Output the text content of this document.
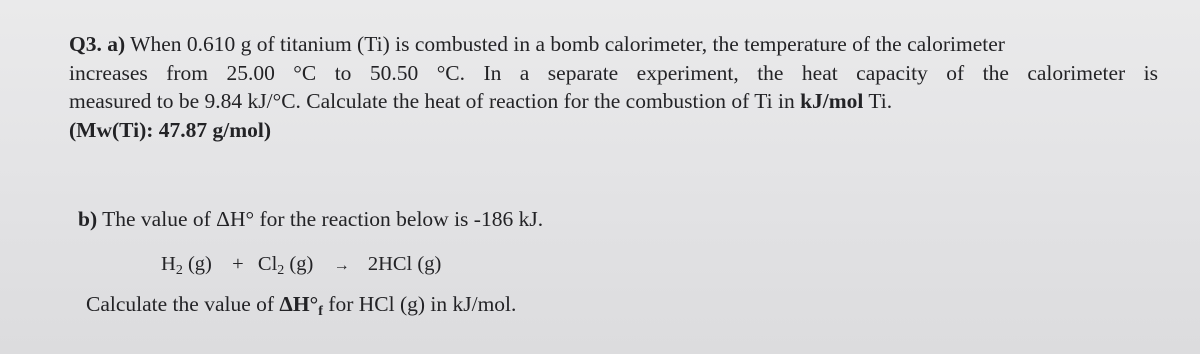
Q3. a) When 0.610 g of titanium (Ti) is combusted in a bomb calorimeter, the temperature of the calorimeter
increases from 25.00 °C to 50.50 °C. In a separate experiment, the heat capacity of the calorimeter is
measured to be 9.84 kJ/°C. Calculate the heat of reaction for the combustion of Ti in kJ/mol Ti.
(Mw(Ti): 47.87 g/mol)
b) The value of ΔH° for the reaction below is -186 kJ.
$H_2$ $(g) + Cl_2$ (g) → 2HCl (g)
Calculate the value of $\Delta H^\circ_f$ for HCl (g) in kJ/mol.
